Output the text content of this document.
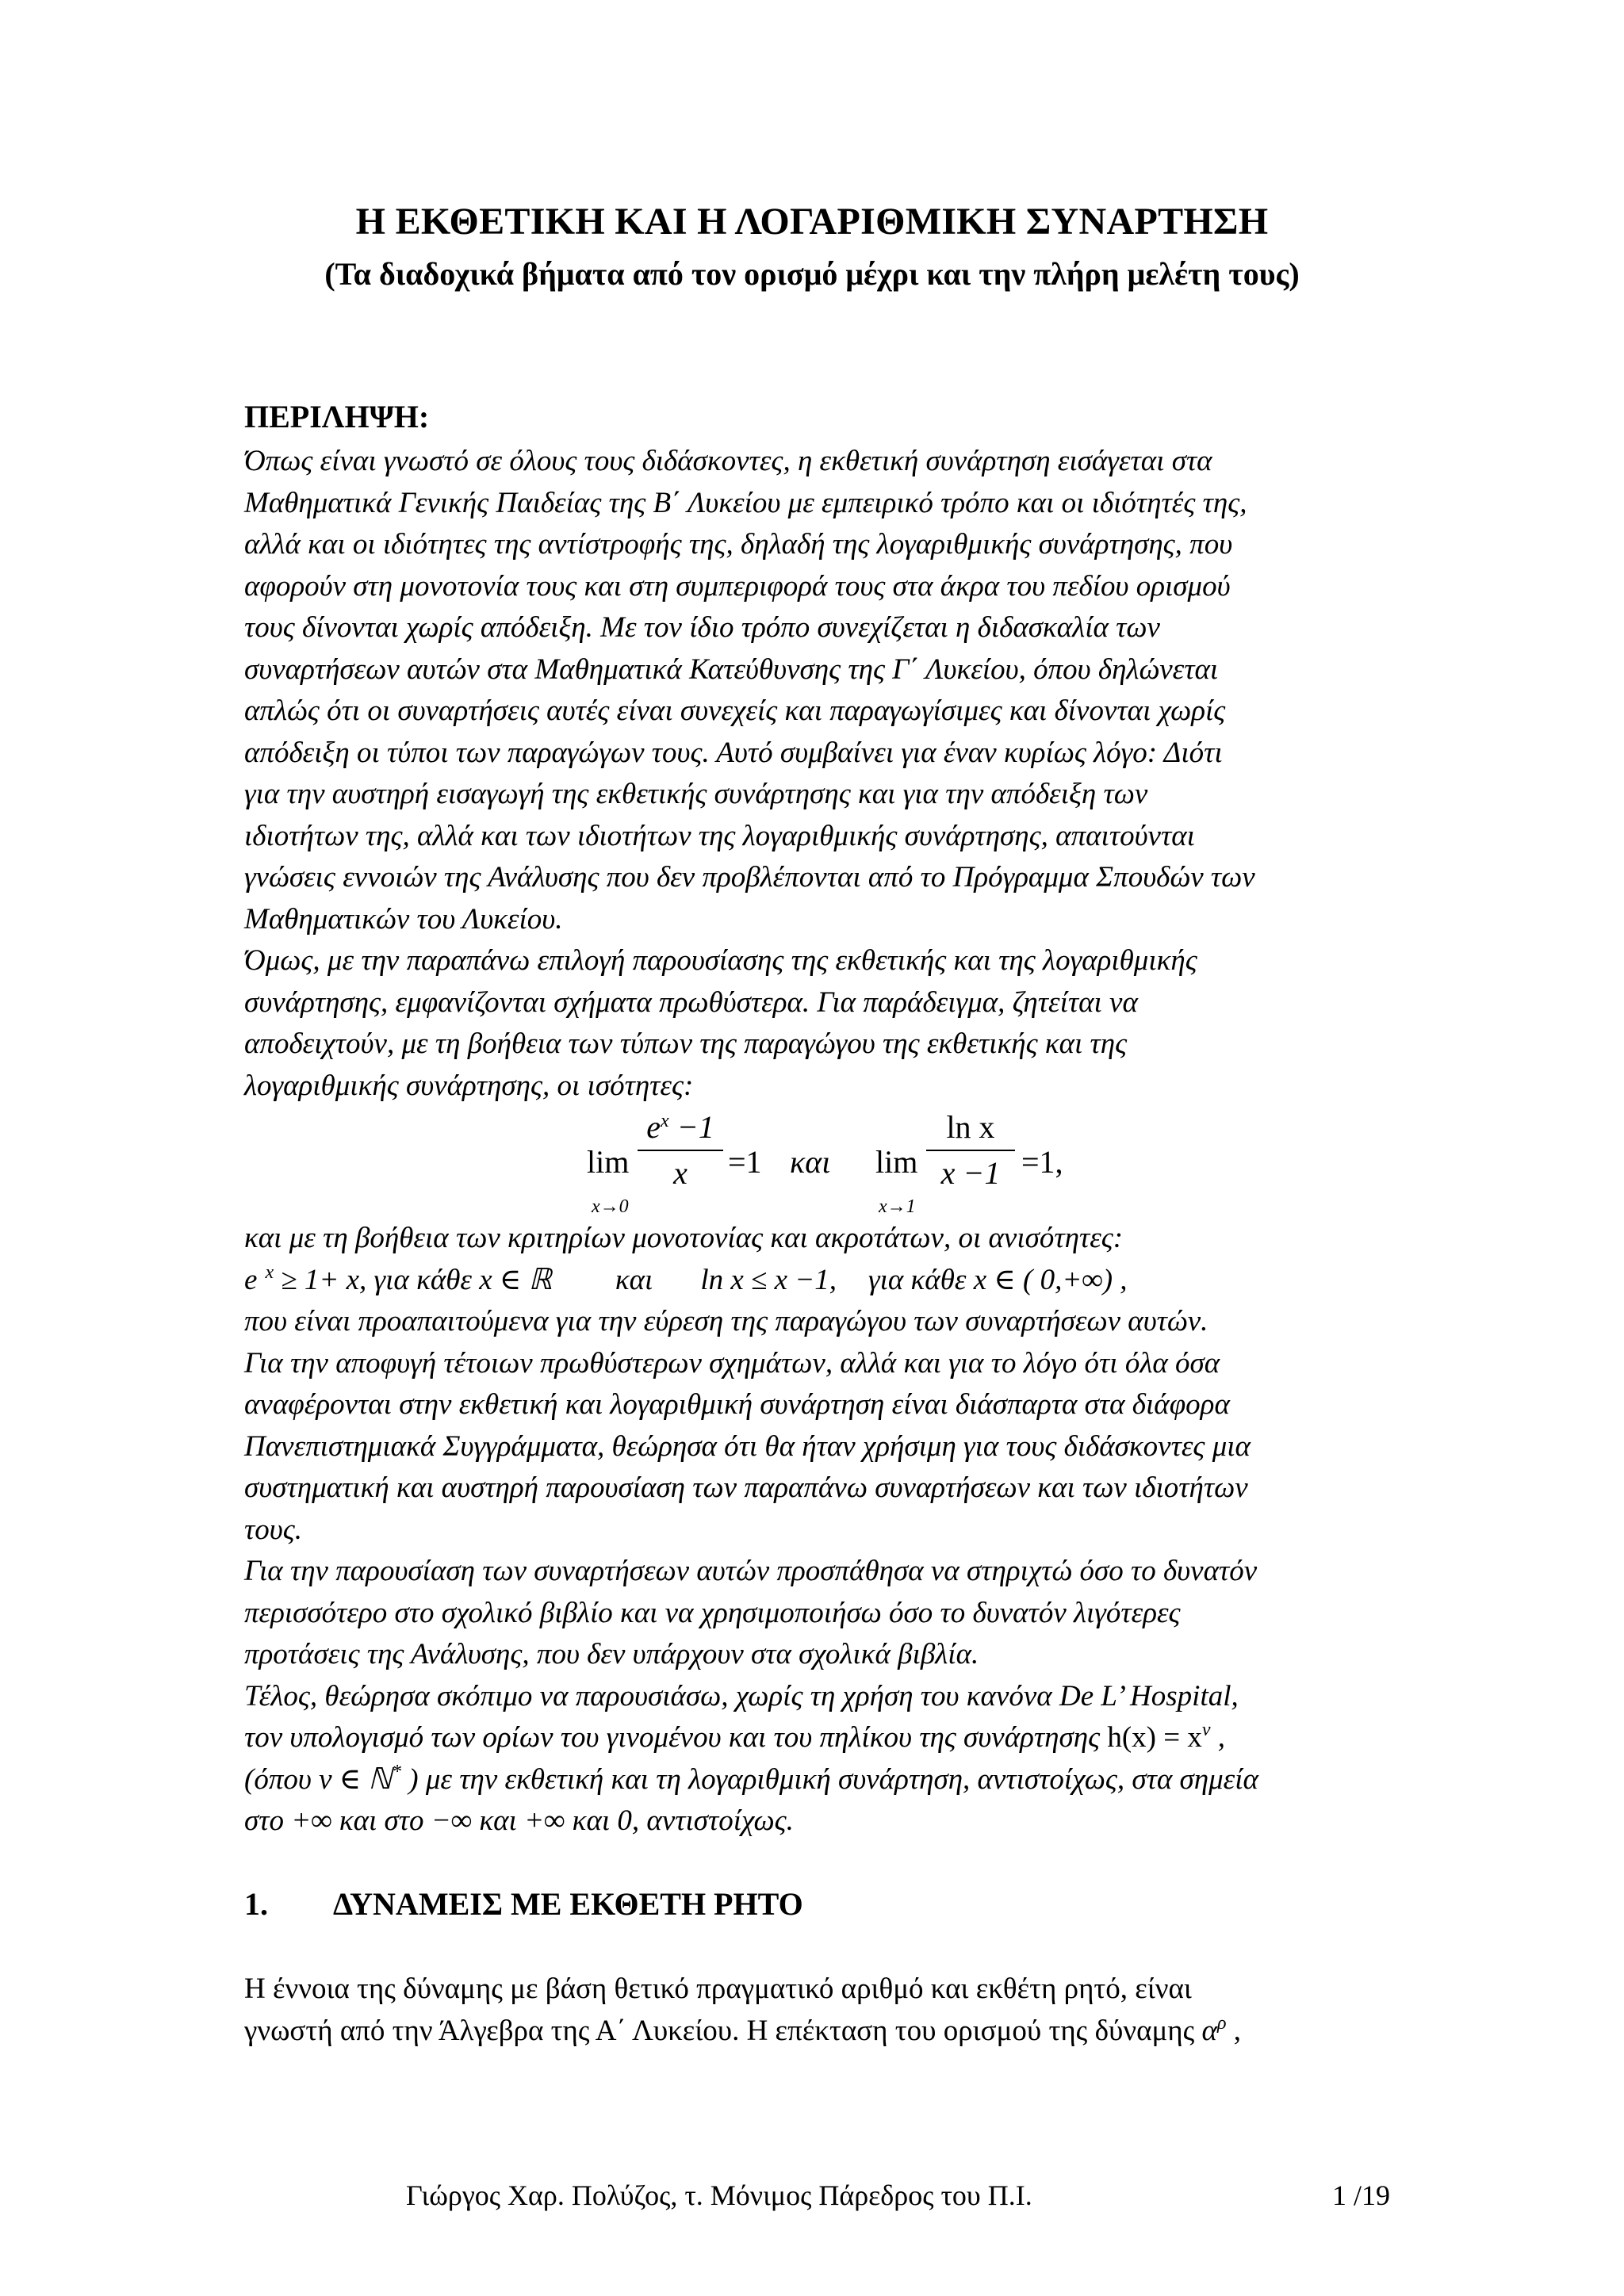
Η ΕΚΘΕΤΙΚΗ ΚΑΙ Η ΛΟΓΑΡΙΘΜΙΚΗ ΣΥΝΑΡΤΗΣΗ
(Τα διαδοχικά βήματα από τον ορισμό μέχρι και την πλήρη μελέτη τους)
ΠΕΡΙΛΗΨΗ:

Όπως είναι γνωστό σε όλους τους διδάσκοντες, η εκθετική συνάρτηση εισάγεται στα

Μαθηματικά Γενικής Παιδείας της Β΄ Λυκείου με εμπειρικό τρόπο και οι ιδιότητές της,

αλλά και οι ιδιότητες της αντίστροφής της, δηλαδή της λογαριθμικής συνάρτησης, που

αφορούν στη μονοτονία τους και στη συμπεριφορά τους στα άκρα του πεδίου ορισμού

τους δίνονται χωρίς απόδειξη. Με τον ίδιο τρόπο συνεχίζεται η διδασκαλία των

συναρτήσεων αυτών στα Μαθηματικά Κατεύθυνσης της Γ΄ Λυκείου, όπου δηλώνεται

απλώς ότι οι συναρτήσεις αυτές είναι συνεχείς και παραγωγίσιμες και δίνονται χωρίς

απόδειξη οι τύποι των παραγώγων τους. Αυτό συμβαίνει για έναν κυρίως λόγο: Διότι

για την αυστηρή εισαγωγή της εκθετικής συνάρτησης και για την απόδειξη των

ιδιοτήτων της, αλλά και των ιδιοτήτων της λογαριθμικής συνάρτησης, απαιτούνται

γνώσεις εννοιών της Ανάλυσης που δεν προβλέπονται από το Πρόγραμμα Σπουδών των

Μαθηματικών του Λυκείου.

Όμως, με την παραπάνω επιλογή παρουσίασης της εκθετικής και της λογαριθμικής

συνάρτησης, εμφανίζονται σχήματα πρωθύστερα. Για παράδειγμα, ζητείται να

αποδειχτούν, με τη βοήθεια των τύπων της παραγώγου της εκθετικής και της

λογαριθμικής συνάρτησης, οι ισότητες:

lim
x→0
$e^x -1$
x	=1 και lim
x→1
ln x
x −1 =1,

και με τη βοήθεια των κριτηρίων μονοτονίας και ακροτάτων, οι ανισότητες:

e $^x$ ≥ 1+ x, για κάθε x ∈ ℝ και ln x ≤ x −1, για κάθε x ∈ ( 0,+∞) ,

που είναι προαπαιτούμενα για την εύρεση της παραγώγου των συναρτήσεων αυτών.

Για την αποφυγή τέτοιων πρωθύστερων σχημάτων, αλλά και για το λόγο ότι όλα όσα

αναφέρονται στην εκθετική και λογαριθμική συνάρτηση είναι διάσπαρτα στα διάφορα

Πανεπιστημιακά Συγγράμματα, θεώρησα ότι θα ήταν χρήσιμη για τους διδάσκοντες μια

συστηματική και αυστηρή παρουσίαση των παραπάνω συναρτήσεων και των ιδιοτήτων

τους.

Για την παρουσίαση των συναρτήσεων αυτών προσπάθησα να στηριχτώ όσο το δυνατόν

περισσότερο στο σχολικό βιβλίο και να χρησιμοποιήσω όσο το δυνατόν λιγότερες

προτάσεις της Ανάλυσης, που δεν υπάρχουν στα σχολικά βιβλία.

Τέλος, θεώρησα σκόπιμο να παρουσιάσω, χωρίς τη χρήση του κανόνα De L’ Hospital,

τον υπολογισμό των ορίων του γινομένου και του πηλίκου της συνάρτησης $h(x) = x^\nu$ ,

(όπου ν ∈ ℕ* ) με την εκθετική και τη λογαριθμική συνάρτηση, αντιστοίχως, στα σημεία

στο +∞ και στο −∞ και +∞ και 0, αντιστοίχως.

1. ΔΥΝΑΜΕΙΣ ΜΕ ΕΚΘΕΤΗ ΡΗΤΟ

Η έννοια της δύναμης με βάση θετικό πραγματικό αριθμό και εκθέτη ρητό, είναι

γνωστή από την Άλγεβρα της Α΄ Λυκείου. Η επέκταση του ορισμού της δύναμης $\alpha^\rho$ ,

Γιώργος Χαρ. Πολύζος, τ. Μόνιμος Πάρεδρος του Π.Ι.	1 /19
